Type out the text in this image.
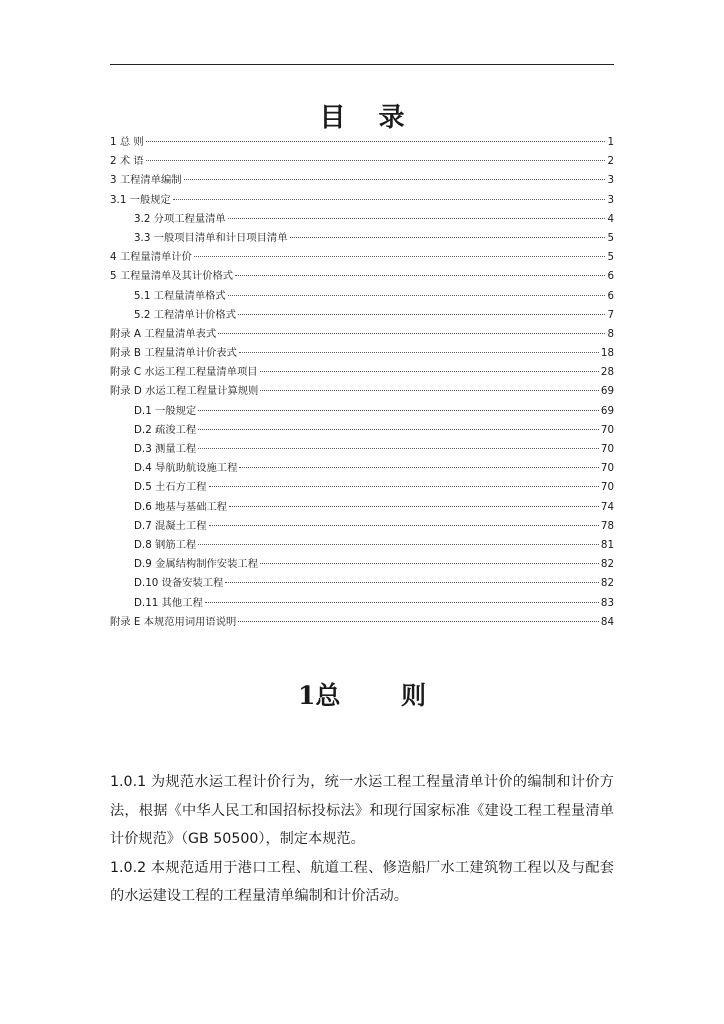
目 录
1 总 则	1
2 术 语	2
3 工程清单编制	3
3.1 一般规定	3
3.2 分项工程量清单	4
3.3 一般项目清单和计日项目清单	5
4 工程量清单计价	5
5 工程量清单及其计价格式	6
5.1 工程量清单格式	6
5.2 工程清单计价格式	7
附录 A 工程量清单表式	8
附录 B 工程量清单计价表式	18
附录 C 水运工程工程量清单项目	28
附录 D 水运工程工程量计算规则	69
D.1 一般规定	69
D.2 疏浚工程	70
D.3 测量工程	70
D.4 导航助航设施工程	70
D.5 土石方工程	70
D.6 地基与基础工程	74
D.7 混凝土工程	78
D.8 钢筋工程	81
D.9 金属结构制作安装工程	82
D.10 设备安装工程	82
D.11 其他工程	83
附录 E 本规范用词用语说明	84
1总 则

1.0.1 为规范水运工程计价行为，统一水运工程工程量清单计价的编制和计价方法，根据《中华人民工和国招标投标法》和现行国家标准《建设工程工程量清单计价规范》（GB 50500），制定本规范。

1.0.2 本规范适用于港口工程、航道工程、修造船厂水工建筑物工程以及与配套的水运建设工程的工程量清单编制和计价活动。
